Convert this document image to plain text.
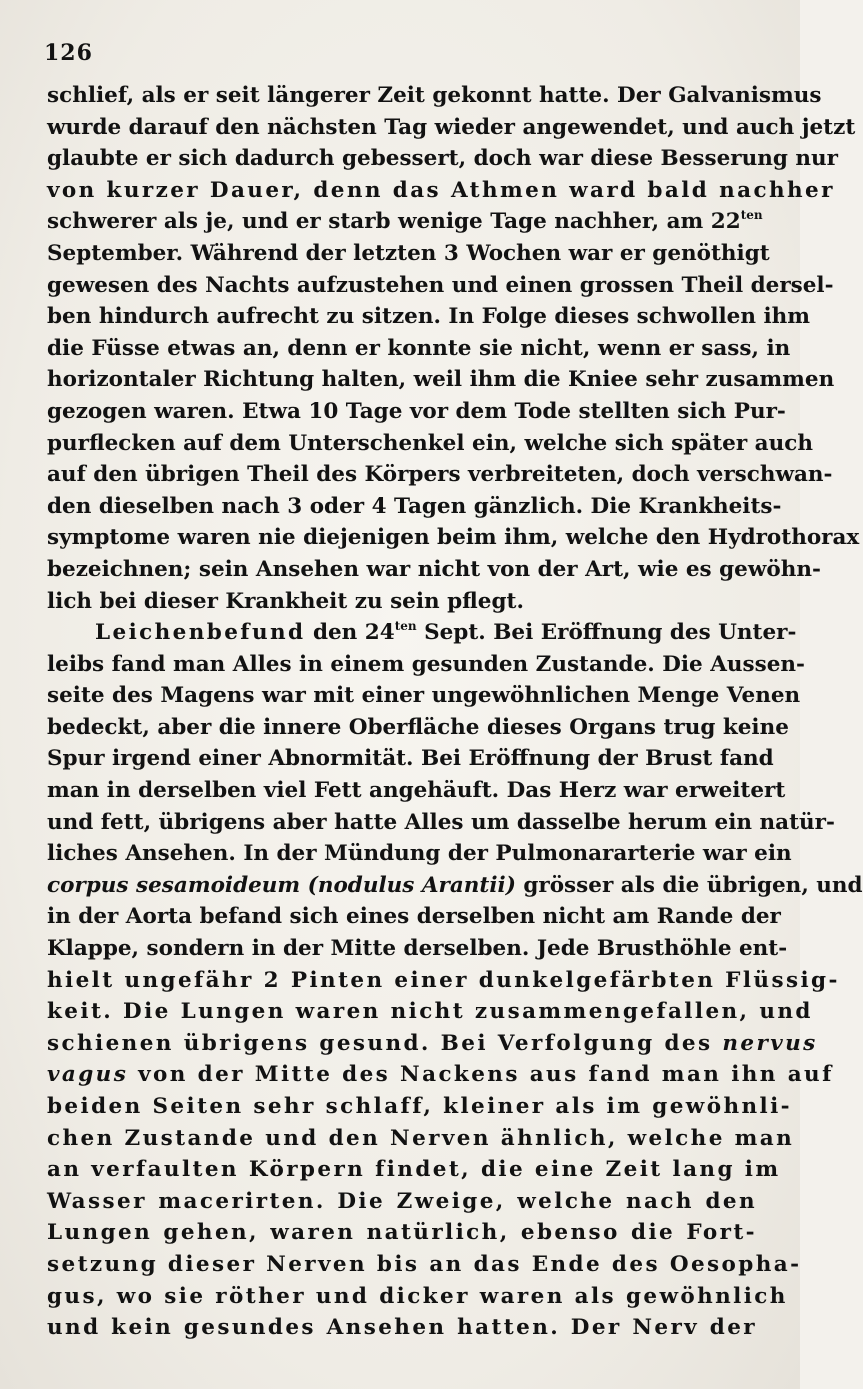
126
schlief, als er seit längerer Zeit gekonnt hatte. Der Galvanismus
wurde darauf den nächsten Tag wieder angewendet, und auch jetzt
glaubte er sich dadurch gebessert, doch war diese Besserung nur
von kurzer Dauer, denn das Athmen ward bald nachher
schwerer als je, und er starb wenige Tage nachher, am $22^{ten}$
September. Während der letzten 3 Wochen war er genöthigt
gewesen des Nachts aufzustehen und einen grossen Theil dersel-
ben hindurch aufrecht zu sitzen. In Folge dieses schwollen ihm
die Füsse etwas an, denn er konnte sie nicht, wenn er sass, in
horizontaler Richtung halten, weil ihm die Kniee sehr zusammen
gezogen waren. Etwa 10 Tage vor dem Tode stellten sich Pur-
purflecken auf dem Unterschenkel ein, welche sich später auch
auf den übrigen Theil des Körpers verbreiteten, doch verschwan-
den dieselben nach 3 oder 4 Tagen gänzlich. Die Krankheits-
symptome waren nie diejenigen beim ihm, welche den Hydrothorax
bezeichnen; sein Ansehen war nicht von der Art, wie es gewöhn-
lich bei dieser Krankheit zu sein pflegt.
Leichenbefund den $24^{ten}$ Sept. Bei Eröffnung des Unter-
leibs fand man Alles in einem gesunden Zustande. Die Aussen-
seite des Magens war mit einer ungewöhnlichen Menge Venen
bedeckt, aber die innere Oberfläche dieses Organs trug keine
Spur irgend einer Abnormität. Bei Eröffnung der Brust fand
man in derselben viel Fett angehäuft. Das Herz war erweitert
und fett, übrigens aber hatte Alles um dasselbe herum ein natür-
liches Ansehen. In der Mündung der Pulmonararterie war ein
corpus sesamoideum (nodulus Arantii) grösser als die übrigen, und
in der Aorta befand sich eines derselben nicht am Rande der
Klappe, sondern in der Mitte derselben. Jede Brusthöhle ent-
hielt ungefähr 2 Pinten einer dunkelgefärbten Flüssig-
keit. Die Lungen waren nicht zusammengefallen, und
schienen übrigens gesund. Bei Verfolgung des nervus
vagus von der Mitte des Nackens aus fand man ihn auf
beiden Seiten sehr schlaff, kleiner als im gewöhnli-
chen Zustande und den Nerven ähnlich, welche man
an verfaulten Körpern findet, die eine Zeit lang im
Wasser macerirten. Die Zweige, welche nach den
Lungen gehen, waren natürlich, ebenso die Fort-
setzung dieser Nerven bis an das Ende des Oesopha-
gus, wo sie röther und dicker waren als gewöhnlich
und kein gesundes Ansehen hatten. Der Nerv der
